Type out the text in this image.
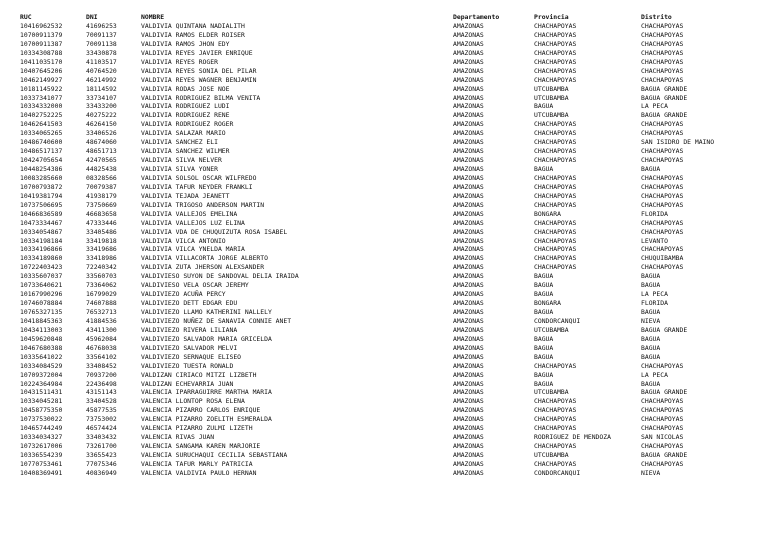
RUC	DNI	NOMBRE	Departamento	Provincia	Distrito
10416962532	41696253	VALDIVIA QUINTANA NADIALITH	AMAZONAS	CHACHAPOYAS	CHACHAPOYAS
10700911379	70091137	VALDIVIA RAMOS ELDER ROISER	AMAZONAS	CHACHAPOYAS	CHACHAPOYAS
10700911387	70091138	VALDIVIA RAMOS JHON EDY	AMAZONAS	CHACHAPOYAS	CHACHAPOYAS
10334308788	33430878	VALDIVIA REYES JAVIER ENRIQUE	AMAZONAS	CHACHAPOYAS	CHACHAPOYAS
10411035170	41103517	VALDIVIA REYES ROGER	AMAZONAS	CHACHAPOYAS	CHACHAPOYAS
10407645206	40764520	VALDIVIA REYES SONIA DEL PILAR	AMAZONAS	CHACHAPOYAS	CHACHAPOYAS
10462149927	46214992	VALDIVIA REYES WAGNER BENJAMIN	AMAZONAS	CHACHAPOYAS	CHACHAPOYAS
10181145922	18114592	VALDIVIA RODAS JOSE NOE	AMAZONAS	UTCUBAMBA	BAGUA GRANDE
10337341077	33734107	VALDIVIA RODRIGUEZ BILMA VENITA	AMAZONAS	UTCUBAMBA	BAGUA GRANDE
10334332000	33433200	VALDIVIA RODRIGUEZ LUDI	AMAZONAS	BAGUA	LA PECA
10402752225	40275222	VALDIVIA RODRIGUEZ RENE	AMAZONAS	UTCUBAMBA	BAGUA GRANDE
10462641503	46264150	VALDIVIA RODRIGUEZ ROGER	AMAZONAS	CHACHAPOYAS	CHACHAPOYAS
10334065265	33406526	VALDIVIA SALAZAR MARIO	AMAZONAS	CHACHAPOYAS	CHACHAPOYAS
10486740600	48674060	VALDIVIA SANCHEZ ELI	AMAZONAS	CHACHAPOYAS	SAN ISIDRO DE MAINO
10486517137	48651713	VALDIVIA SANCHEZ WILMER	AMAZONAS	CHACHAPOYAS	CHACHAPOYAS
10424705654	42470565	VALDIVIA SILVA NELVER	AMAZONAS	CHACHAPOYAS	CHACHAPOYAS
10448254386	44825438	VALDIVIA SILVA YONER	AMAZONAS	BAGUA	BAGUA
10083285660	08328566	VALDIVIA SOLSOL OSCAR WILFREDO	AMAZONAS	CHACHAPOYAS	CHACHAPOYAS
10700793872	70079387	VALDIVIA TAFUR NEYDER FRANKLI	AMAZONAS	CHACHAPOYAS	CHACHAPOYAS
10419381794	41938179	VALDIVIA TEJADA JEANETT	AMAZONAS	CHACHAPOYAS	CHACHAPOYAS
10737506695	73750669	VALDIVIA TRIGOSO ANDERSON MARTIN	AMAZONAS	CHACHAPOYAS	CHACHAPOYAS
10466836589	46683658	VALDIVIA VALLEJOS EMELINA	AMAZONAS	BONGARA	FLORIDA
10473334467	47333446	VALDIVIA VALLEJOS LUZ ELINA	AMAZONAS	CHACHAPOYAS	CHACHAPOYAS
10334054867	33405486	VALDIVIA VDA DE CHUQUIZUTA ROSA ISABEL	AMAZONAS	CHACHAPOYAS	CHACHAPOYAS
10334198184	33419818	VALDIVIA VILCA ANTONIO	AMAZONAS	CHACHAPOYAS	LEVANTO
10334196866	33419686	VALDIVIA VILCA YNELDA MARIA	AMAZONAS	CHACHAPOYAS	CHACHAPOYAS
10334189860	33418986	VALDIVIA VILLACORTA JORGE ALBERTO	AMAZONAS	CHACHAPOYAS	CHUQUIBAMBA
10722403423	72240342	VALDIVIA ZUTA JHERSON ALEXSANDER	AMAZONAS	CHACHAPOYAS	CHACHAPOYAS
10335607037	33560703	VALDIVIESO SUYON DE SANDOVAL DELIA IRAIDA	AMAZONAS	BAGUA	BAGUA
10733640621	73364062	VALDIVIESO VELA OSCAR JEREMY	AMAZONAS	BAGUA	BAGUA
10167990296	16799029	VALDIVIEZO ACUÑA PERCY	AMAZONAS	BAGUA	LA PECA
10746078884	74607888	VALDIVIEZO DETT EDGAR EDU	AMAZONAS	BONGARA	FLORIDA
10765327135	76532713	VALDIVIEZO LLAMO KATHERINI NALLELY	AMAZONAS	BAGUA	BAGUA
10418845363	41884536	VALDIVIEZO NUÑEZ DE SANAVIA CONNIE ANET	AMAZONAS	CONDORCANQUI	NIEVA
10434113003	43411300	VALDIVIEZO RIVERA LILIANA	AMAZONAS	UTCUBAMBA	BAGUA GRANDE
10459620848	45962084	VALDIVIEZO SALVADOR MARIA GRICELDA	AMAZONAS	BAGUA	BAGUA
10467680388	46768038	VALDIVIEZO SALVADOR MELVI	AMAZONAS	BAGUA	BAGUA
10335641022	33564102	VALDIVIEZO SERNAQUE ELISEO	AMAZONAS	BAGUA	BAGUA
10334084529	33408452	VALDIVIEZO TUESTA RONALD	AMAZONAS	CHACHAPOYAS	CHACHAPOYAS
10709372004	70937200	VALDIZAN CIRIACO MITZI LIZBETH	AMAZONAS	BAGUA	LA PECA
10224364984	22436498	VALDIZAN ECHEVARRIA JUAN	AMAZONAS	BAGUA	BAGUA
10431511431	43151143	VALENCIA IPARRAGUIRRE MARTHA MARIA	AMAZONAS	UTCUBAMBA	BAGUA GRANDE
10334045281	33404528	VALENCIA LLONTOP ROSA ELENA	AMAZONAS	CHACHAPOYAS	CHACHAPOYAS
10458775350	45877535	VALENCIA PIZARRO CARLOS ENRIQUE	AMAZONAS	CHACHAPOYAS	CHACHAPOYAS
10737530022	73753002	VALENCIA PIZARRO ZOELITH ESMERALDA	AMAZONAS	CHACHAPOYAS	CHACHAPOYAS
10465744249	46574424	VALENCIA PIZARRO ZULMI LIZETH	AMAZONAS	CHACHAPOYAS	CHACHAPOYAS
10334034327	33403432	VALENCIA RIVAS JUAN	AMAZONAS	RODRIGUEZ DE MENDOZA	SAN NICOLAS
10732617006	73261700	VALENCIA SANGAMA KAREN MARJORIE	AMAZONAS	CHACHAPOYAS	CHACHAPOYAS
10336554239	33655423	VALENCIA SURUCHAQUI CECILIA SEBASTIANA	AMAZONAS	UTCUBAMBA	BAGUA GRANDE
10770753461	77075346	VALENCIA TAFUR MARLY PATRICIA	AMAZONAS	CHACHAPOYAS	CHACHAPOYAS
10408369491	40836949	VALENCIA VALDIVIA PAULO HERNAN	AMAZONAS	CONDORCANQUI	NIEVA
